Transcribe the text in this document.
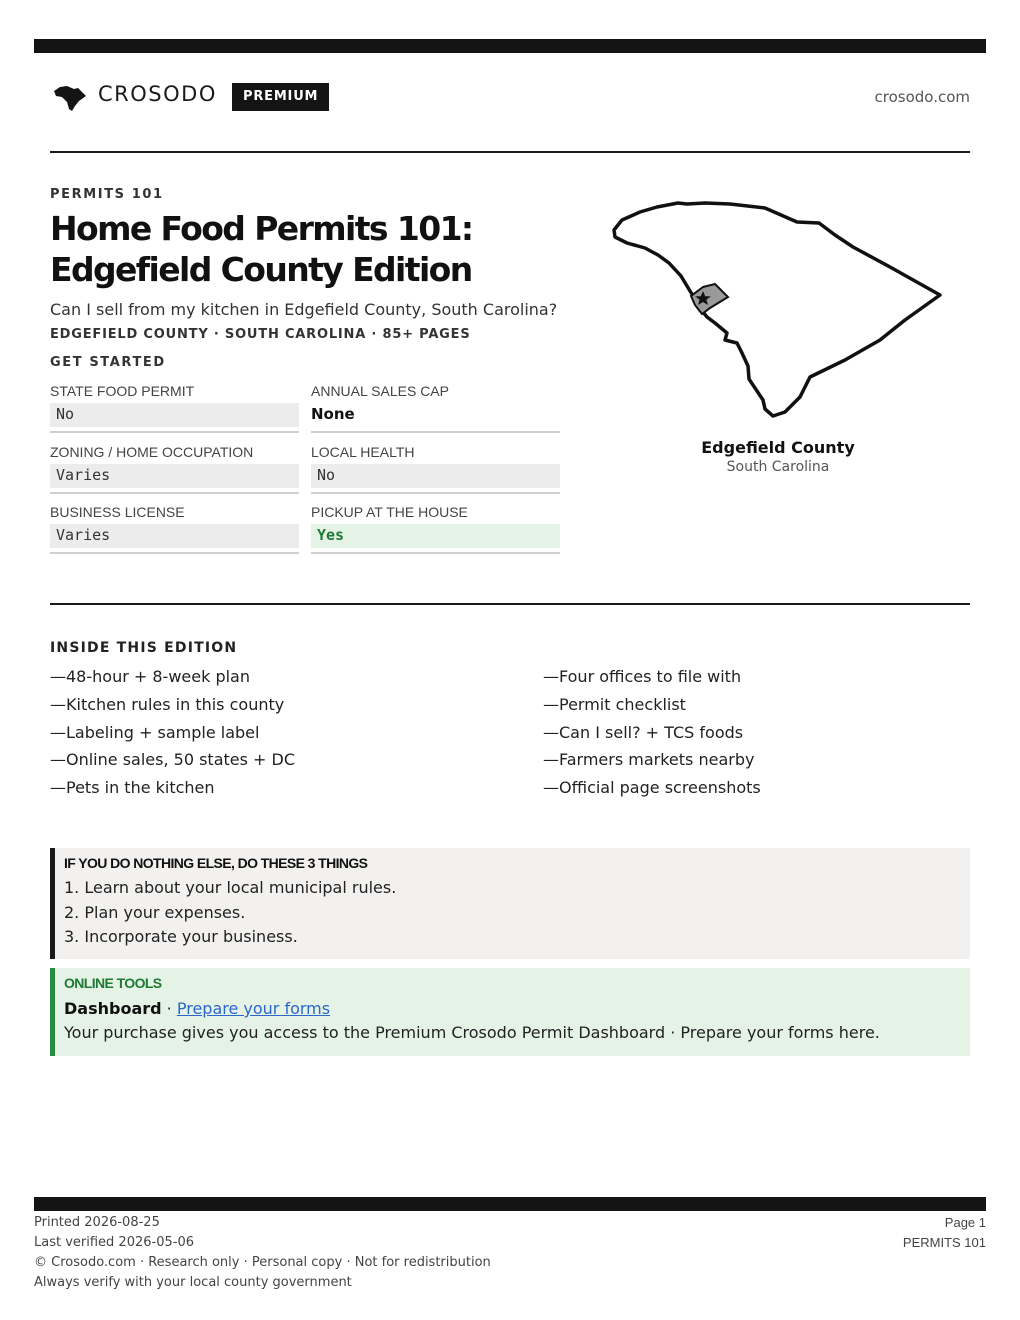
CROSODO	PREMIUM	crosodo.com
PERMITS 101
Home Food Permits 101:
Edgefield County Edition
Can I sell from my kitchen in Edgefield County, South Carolina?
EDGEFIELD COUNTY · SOUTH CAROLINA · 85+ PAGES
GET STARTED
STATE FOOD PERMIT
No
ANNUAL SALES CAP
None
ZONING / HOME OCCUPATION
Varies
LOCAL HEALTH
No
BUSINESS LICENSE
Varies
PICKUP AT THE HOUSE
Yes
Edgefield County
South Carolina
INSIDE THIS EDITION
—48-hour + 8-week plan
—Kitchen rules in this county
—Labeling + sample label
—Online sales, 50 states + DC
—Pets in the kitchen
—Four offices to file with
—Permit checklist
—Can I sell? + TCS foods
—Farmers markets nearby
—Official page screenshots
IF YOU DO NOTHING ELSE, DO THESE 3 THINGS
1. Learn about your local municipal rules.
2. Plan your expenses.
3. Incorporate your business.
ONLINE TOOLS
Dashboard · Prepare your forms
Your purchase gives you access to the Premium Crosodo Permit Dashboard · Prepare your forms here.
Printed 2026-08-25
Last verified 2026-05-06
© Crosodo.com · Research only · Personal copy · Not for redistribution
Always verify with your local county government
Page 1
PERMITS 101
